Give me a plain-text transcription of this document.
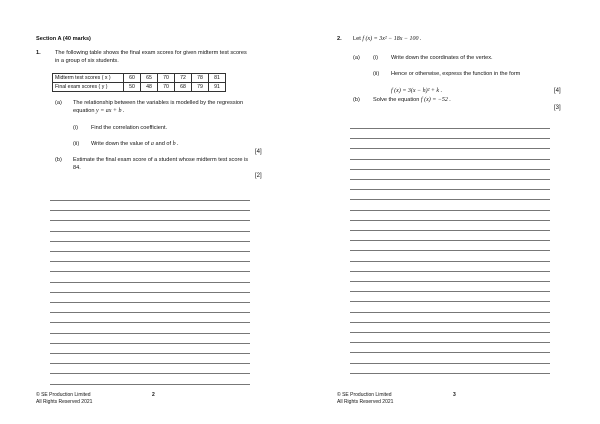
Section A (40 marks)
1.	The following table shows the final exam scores for given midterm test scores
in a group of six students.
Midterm test scores ( x )	60	65	70	72	78	81
Final exam scores ( y )	50	48	70	68	79	91
(a) The relationship between the variables is modelled by the regression
equation y = ax + b .
(i) Find the correlation coefficient.
(ii) Write down the value of a and of b .
[4]
(b) Estimate the final exam score of a student whose midterm test score is
84.
[2]
© SE Production Limited
All Rights Reserved 2021
2
2. Let f (x) = 3x² − 18x − 100 .
(a) (i) Write down the coordinates of the vertex.
(ii) Hence or otherwise, express the function in the form
f (x) = 3(x − h)² + k .	[4]
(b) Solve the equation f (x) = −52 .
[3]
© SE Production Limited
All Rights Reserved 2021
3
